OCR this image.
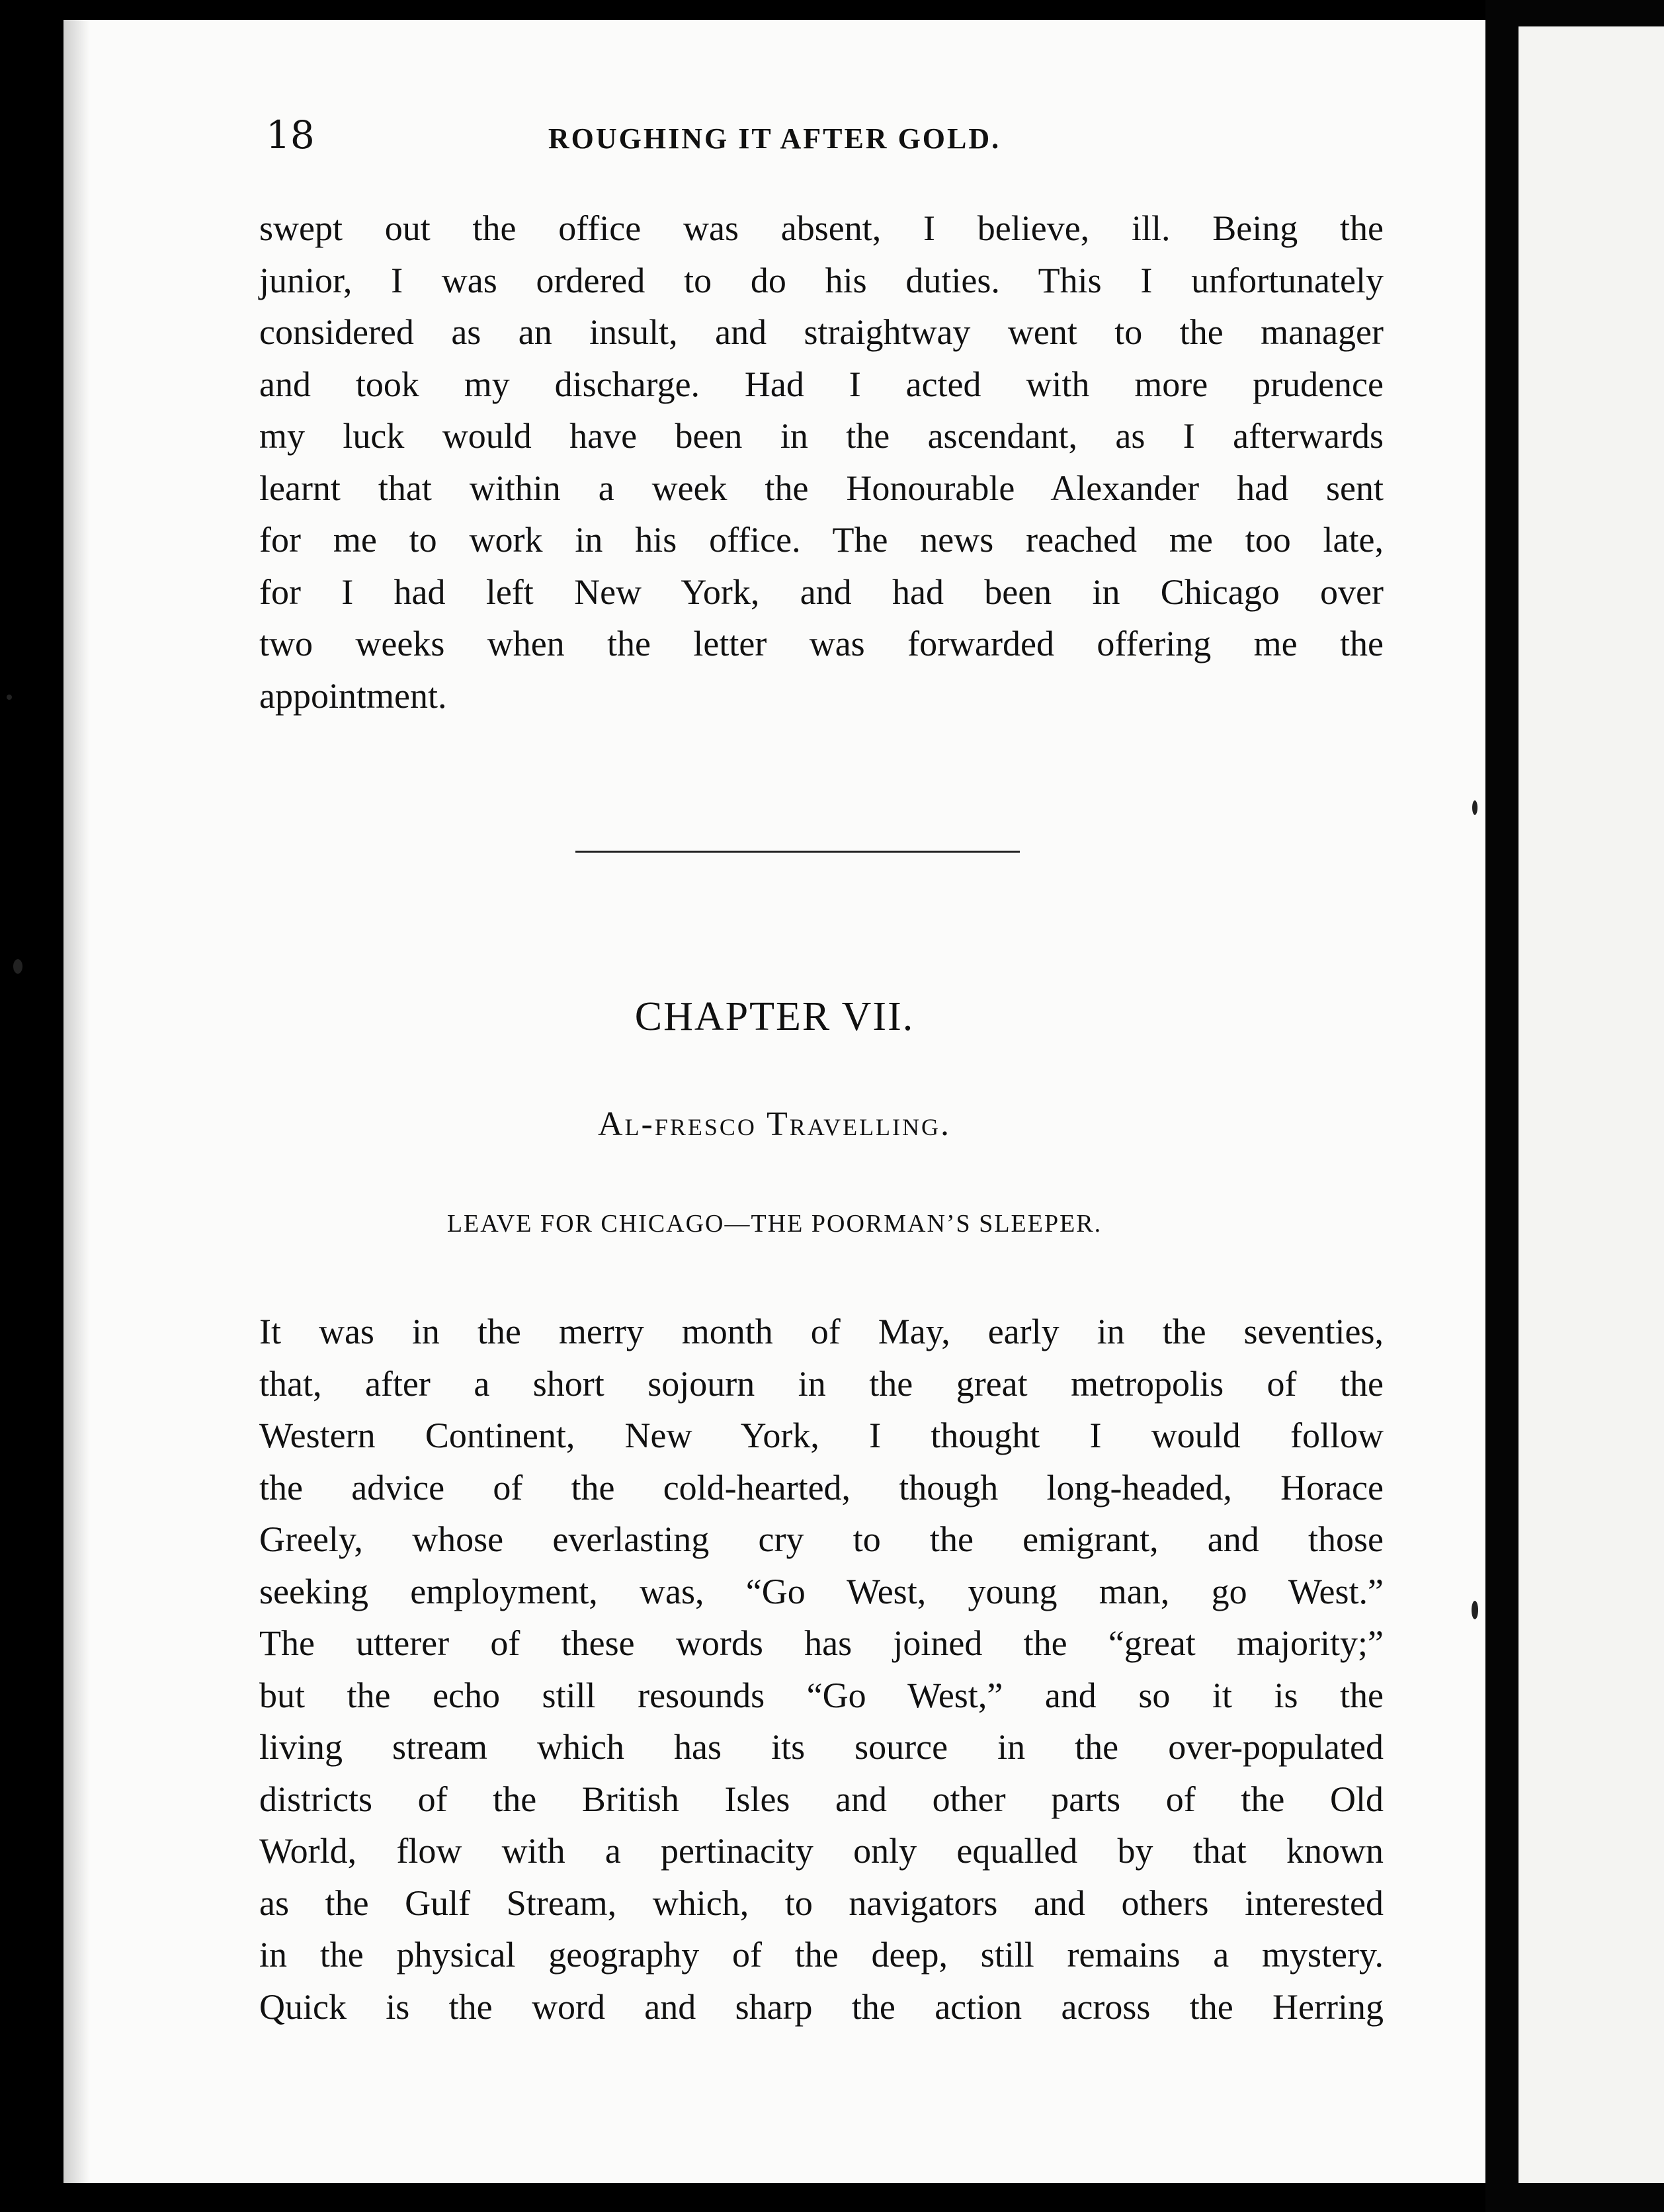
18	ROUGHING IT AFTER GOLD.
swept out the office was absent, I believe, ill. Being the
junior, I was ordered to do his duties. This I unfortunately
considered as an insult, and straightway went to the manager
and took my discharge. Had I acted with more prudence
my luck would have been in the ascendant, as I afterwards
learnt that within a week the Honourable Alexander had sent
for me to work in his office. The news reached me too late,
for I had left New York, and had been in Chicago over
two weeks when the letter was forwarded offering me the
appointment.
CHAPTER VII.
Al-fresco Travelling.
LEAVE FOR CHICAGO—THE POORMAN’S SLEEPER.
It was in the merry month of May, early in the seventies,
that, after a short sojourn in the great metropolis of the
Western Continent, New York, I thought I would follow
the advice of the cold-hearted, though long-headed, Horace
Greely, whose everlasting cry to the emigrant, and those
seeking employment, was, “Go West, young man, go West.”
The utterer of these words has joined the “great majority;”
but the echo still resounds “Go West,” and so it is the
living stream which has its source in the over-populated
districts of the British Isles and other parts of the Old
World, flow with a pertinacity only equalled by that known
as the Gulf Stream, which, to navigators and others interested
in the physical geography of the deep, still remains a mystery.
Quick is the word and sharp the action across the Herring
